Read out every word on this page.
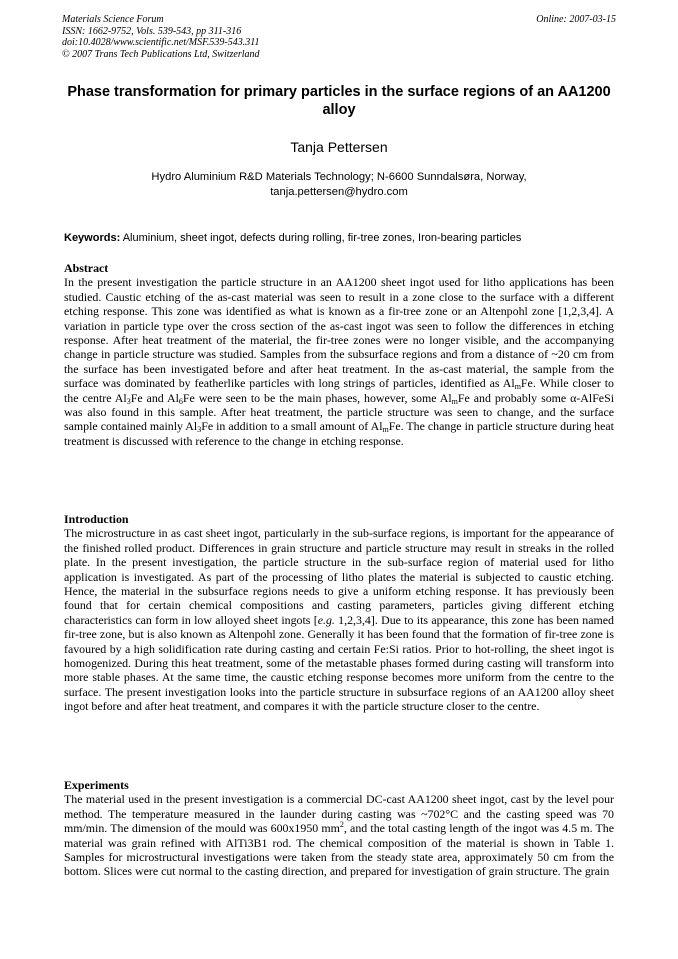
Materials Science Forum
ISSN: 1662-9752, Vols. 539-543, pp 311-316
doi:10.4028/www.scientific.net/MSF.539-543.311
© 2007 Trans Tech Publications Ltd, Switzerland
Online: 2007-03-15
Phase transformation for primary particles in the surface regions of an AA1200 alloy
Tanja Pettersen
Hydro Aluminium R&D Materials Technology; N-6600 Sunndalsøra, Norway,
tanja.pettersen@hydro.com
Keywords: Aluminium, sheet ingot, defects during rolling, fir-tree zones, Iron-bearing particles
Abstract

In the present investigation the particle structure in an AA1200 sheet ingot used for litho applications has been studied. Caustic etching of the as-cast material was seen to result in a zone close to the surface with a different etching response. This zone was identified as what is known as a fir-tree zone or an Altenpohl zone [1,2,3,4]. A variation in particle type over the cross section of the as-cast ingot was seen to follow the differences in etching response. After heat treatment of the material, the fir-tree zones were no longer visible, and the accompanying change in particle structure was studied. Samples from the subsurface regions and from a distance of ~20 cm from the surface has been investigated before and after heat treatment. In the as-cast material, the sample from the surface was dominated by featherlike particles with long strings of particles, identified as $Al_mFe$. While closer to the centre $Al_3Fe$ and $Al_6Fe$ were seen to be the main phases, however, some $Al_mFe$ and probably some α-AlFeSi was also found in this sample. After heat treatment, the particle structure was seen to change, and the surface sample contained mainly $Al_3Fe$ in addition to a small amount of $Al_mFe$. The change in particle structure during heat treatment is discussed with reference to the change in etching response.

Introduction

The microstructure in as cast sheet ingot, particularly in the sub-surface regions, is important for the appearance of the finished rolled product. Differences in grain structure and particle structure may result in streaks in the rolled plate. In the present investigation, the particle structure in the sub-surface region of material used for litho application is investigated. As part of the processing of litho plates the material is subjected to caustic etching. Hence, the material in the subsurface regions needs to give a uniform etching response. It has previously been found that for certain chemical compositions and casting parameters, particles giving different etching characteristics can form in low alloyed sheet ingots [e.g. 1,2,3,4]. Due to its appearance, this zone has been named fir-tree zone, but is also known as Altenpohl zone. Generally it has been found that the formation of fir-tree zone is favoured by a high solidification rate during casting and certain Fe:Si ratios. Prior to hot-rolling, the sheet ingot is homogenized. During this heat treatment, some of the metastable phases formed during casting will transform into more stable phases. At the same time, the caustic etching response becomes more uniform from the centre to the surface. The present investigation looks into the particle structure in subsurface regions of an AA1200 alloy sheet ingot before and after heat treatment, and compares it with the particle structure closer to the centre.

Experiments

The material used in the present investigation is a commercial DC-cast AA1200 sheet ingot, cast by the level pour method. The temperature measured in the launder during casting was ~702°C and the casting speed was 70 mm/min. The dimension of the mould was 600x1950 $mm^2$, and the total casting length of the ingot was 4.5 m. The material was grain refined with AlTi3B1 rod. The chemical composition of the material is shown in Table 1. Samples for microstructural investigations were taken from the steady state area, approximately 50 cm from the bottom. Slices were cut normal to the casting direction, and prepared for investigation of grain structure. The grain
